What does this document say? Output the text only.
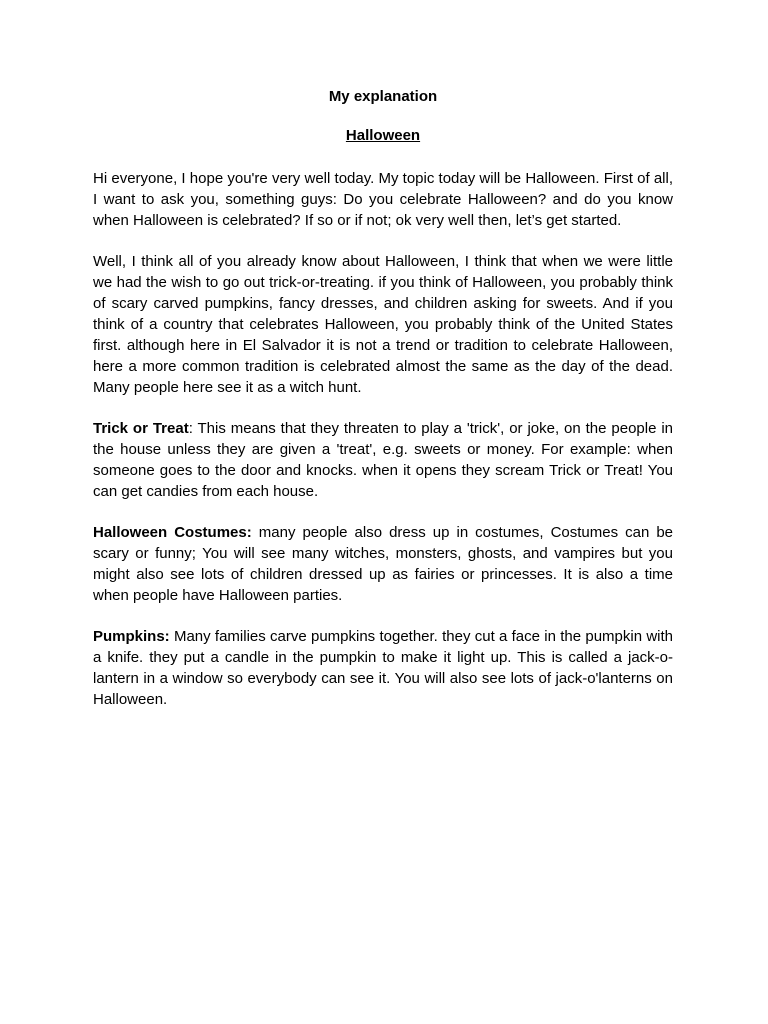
My explanation
Halloween

Hi everyone, I hope you're very well today. My topic today will be Halloween. First of all, I want to ask you, something guys: Do you celebrate Halloween? and do you know when Halloween is celebrated? If so or if not; ok very well then, let’s get started.

Well, I think all of you already know about Halloween, I think that when we were little we had the wish to go out trick-or-treating. if you think of Halloween, you probably think of scary carved pumpkins, fancy dresses, and children asking for sweets. And if you think of a country that celebrates Halloween, you probably think of the United States first. although here in El Salvador it is not a trend or tradition to celebrate Halloween, here a more common tradition is celebrated almost the same as the day of the dead. Many people here see it as a witch hunt.

Trick or Treat: This means that they threaten to play a 'trick', or joke, on the people in the house unless they are given a 'treat', e.g. sweets or money. For example: when someone goes to the door and knocks. when it opens they scream Trick or Treat! You can get candies from each house.

Halloween Costumes: many people also dress up in costumes, Costumes can be scary or funny; You will see many witches, monsters, ghosts, and vampires but you might also see lots of children dressed up as fairies or princesses. It is also a time when people have Halloween parties.

Pumpkins: Many families carve pumpkins together. they cut a face in the pumpkin with a knife. they put a candle in the pumpkin to make it light up. This is called a jack-o-lantern in a window so everybody can see it. You will also see lots of jack-o'lanterns on Halloween.
